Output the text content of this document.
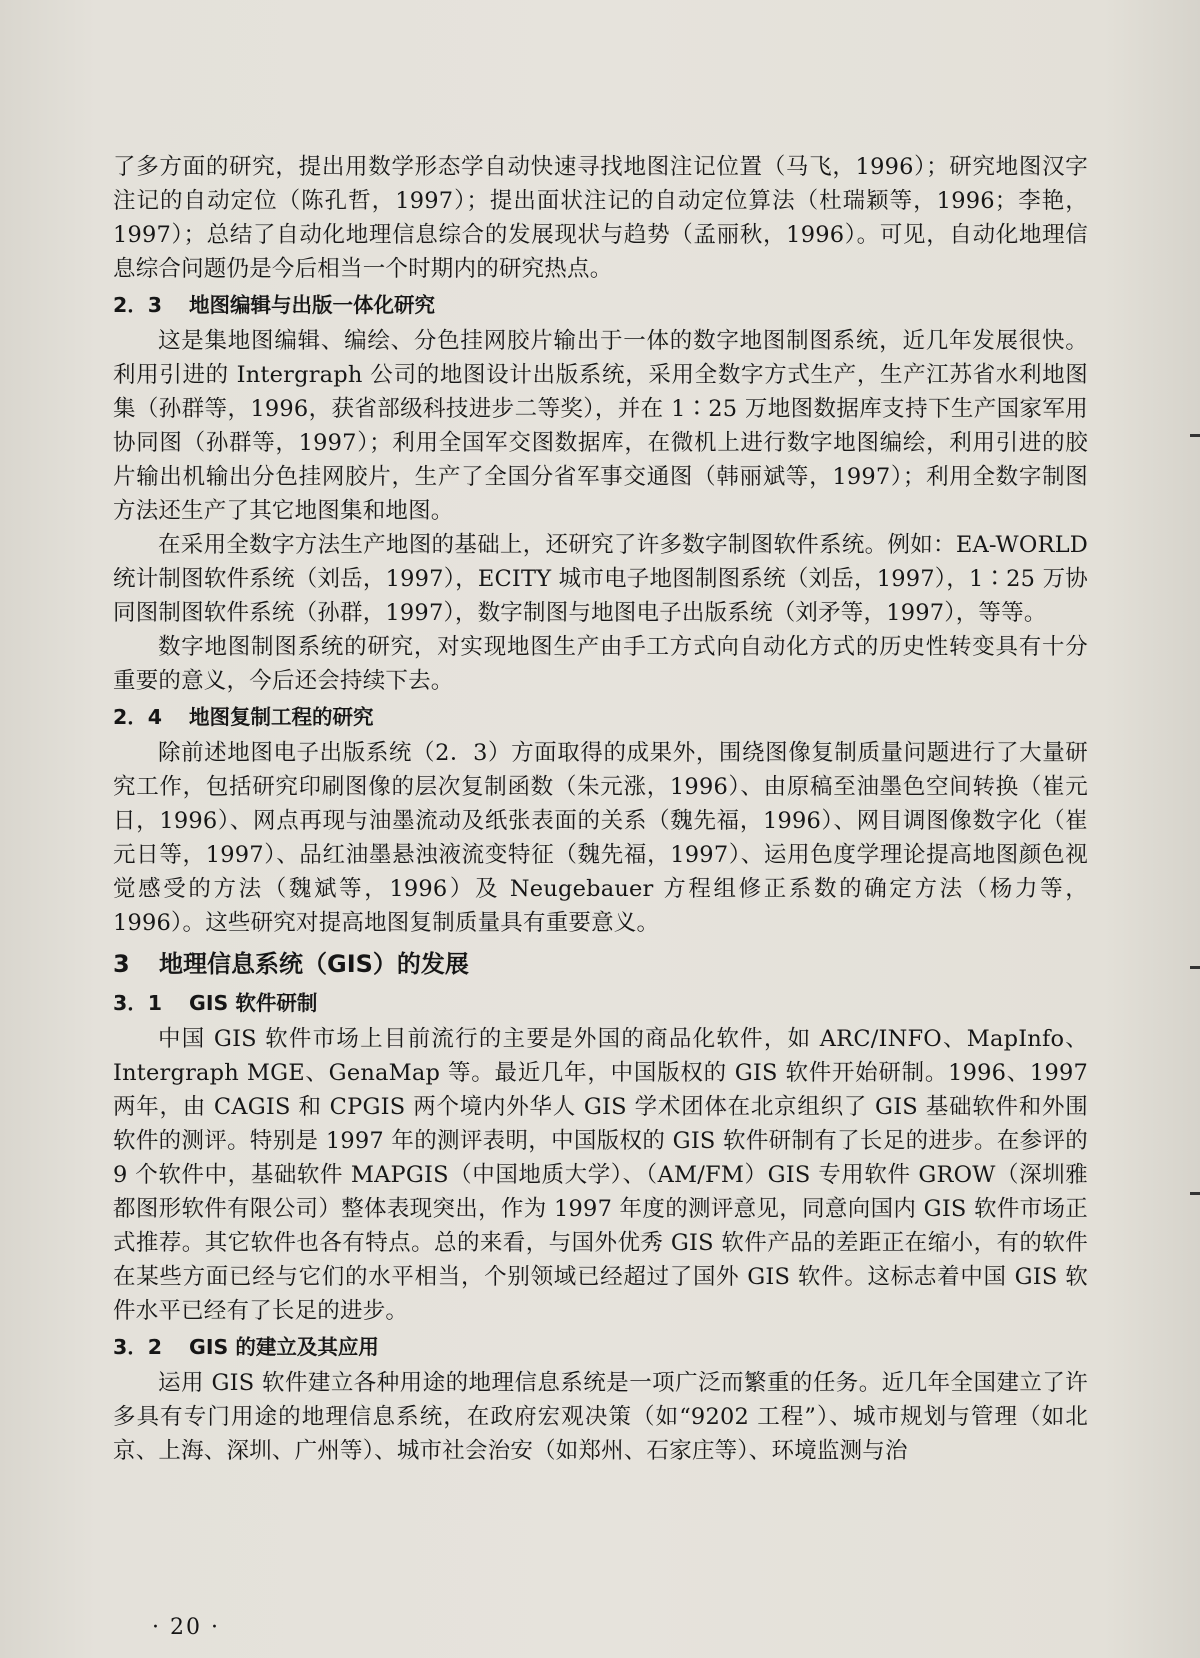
了多方面的研究，提出用数学形态学自动快速寻找地图注记位置（马飞，1996）；研究地图汉字注记的自动定位（陈孔哲，1997）；提出面状注记的自动定位算法（杜瑞颖等，1996；李艳，1997）；总结了自动化地理信息综合的发展现状与趋势（孟丽秋，1996）。可见，自动化地理信息综合问题仍是今后相当一个时期内的研究热点。

2．3 地图编辑与出版一体化研究

这是集地图编辑、编绘、分色挂网胶片输出于一体的数字地图制图系统，近几年发展很快。利用引进的 Intergraph 公司的地图设计出版系统，采用全数字方式生产，生产江苏省水利地图集（孙群等，1996，获省部级科技进步二等奖），并在 1∶25 万地图数据库支持下生产国家军用协同图（孙群等，1997）；利用全国军交图数据库，在微机上进行数字地图编绘，利用引进的胶片输出机输出分色挂网胶片，生产了全国分省军事交通图（韩丽斌等，1997）；利用全数字制图方法还生产了其它地图集和地图。

在采用全数字方法生产地图的基础上，还研究了许多数字制图软件系统。例如：EA-WORLD 统计制图软件系统（刘岳，1997），ECITY 城市电子地图制图系统（刘岳，1997），1∶25 万协同图制图软件系统（孙群，1997），数字制图与地图电子出版系统（刘矛等，1997），等等。

数字地图制图系统的研究，对实现地图生产由手工方式向自动化方式的历史性转变具有十分重要的意义，今后还会持续下去。

2．4 地图复制工程的研究

除前述地图电子出版系统（2．3）方面取得的成果外，围绕图像复制质量问题进行了大量研究工作，包括研究印刷图像的层次复制函数（朱元涨，1996）、由原稿至油墨色空间转换（崔元日，1996）、网点再现与油墨流动及纸张表面的关系（魏先福，1996）、网目调图像数字化（崔元日等，1997）、品红油墨悬浊液流变特征（魏先福，1997）、运用色度学理论提高地图颜色视觉感受的方法（魏斌等，1996）及 Neugebauer 方程组修正系数的确定方法（杨力等，1996）。这些研究对提高地图复制质量具有重要意义。

3 地理信息系统（GIS）的发展
3．1 GIS 软件研制

中国 GIS 软件市场上目前流行的主要是外国的商品化软件，如 ARC/INFO、MapInfo、Intergraph MGE、GenaMap 等。最近几年，中国版权的 GIS 软件开始研制。1996、1997 两年，由 CAGIS 和 CPGIS 两个境内外华人 GIS 学术团体在北京组织了 GIS 基础软件和外围软件的测评。特别是 1997 年的测评表明，中国版权的 GIS 软件研制有了长足的进步。在参评的 9 个软件中，基础软件 MAPGIS（中国地质大学）、（AM/FM）GIS 专用软件 GROW（深圳雅都图形软件有限公司）整体表现突出，作为 1997 年度的测评意见，同意向国内 GIS 软件市场正式推荐。其它软件也各有特点。总的来看，与国外优秀 GIS 软件产品的差距正在缩小，有的软件在某些方面已经与它们的水平相当，个别领域已经超过了国外 GIS 软件。这标志着中国 GIS 软件水平已经有了长足的进步。

3．2 GIS 的建立及其应用

运用 GIS 软件建立各种用途的地理信息系统是一项广泛而繁重的任务。近几年全国建立了许多具有专门用途的地理信息系统，在政府宏观决策（如“9202 工程”）、城市规划与管理（如北京、上海、深圳、广州等）、城市社会治安（如郑州、石家庄等）、环境监测与治

· 20 ·
